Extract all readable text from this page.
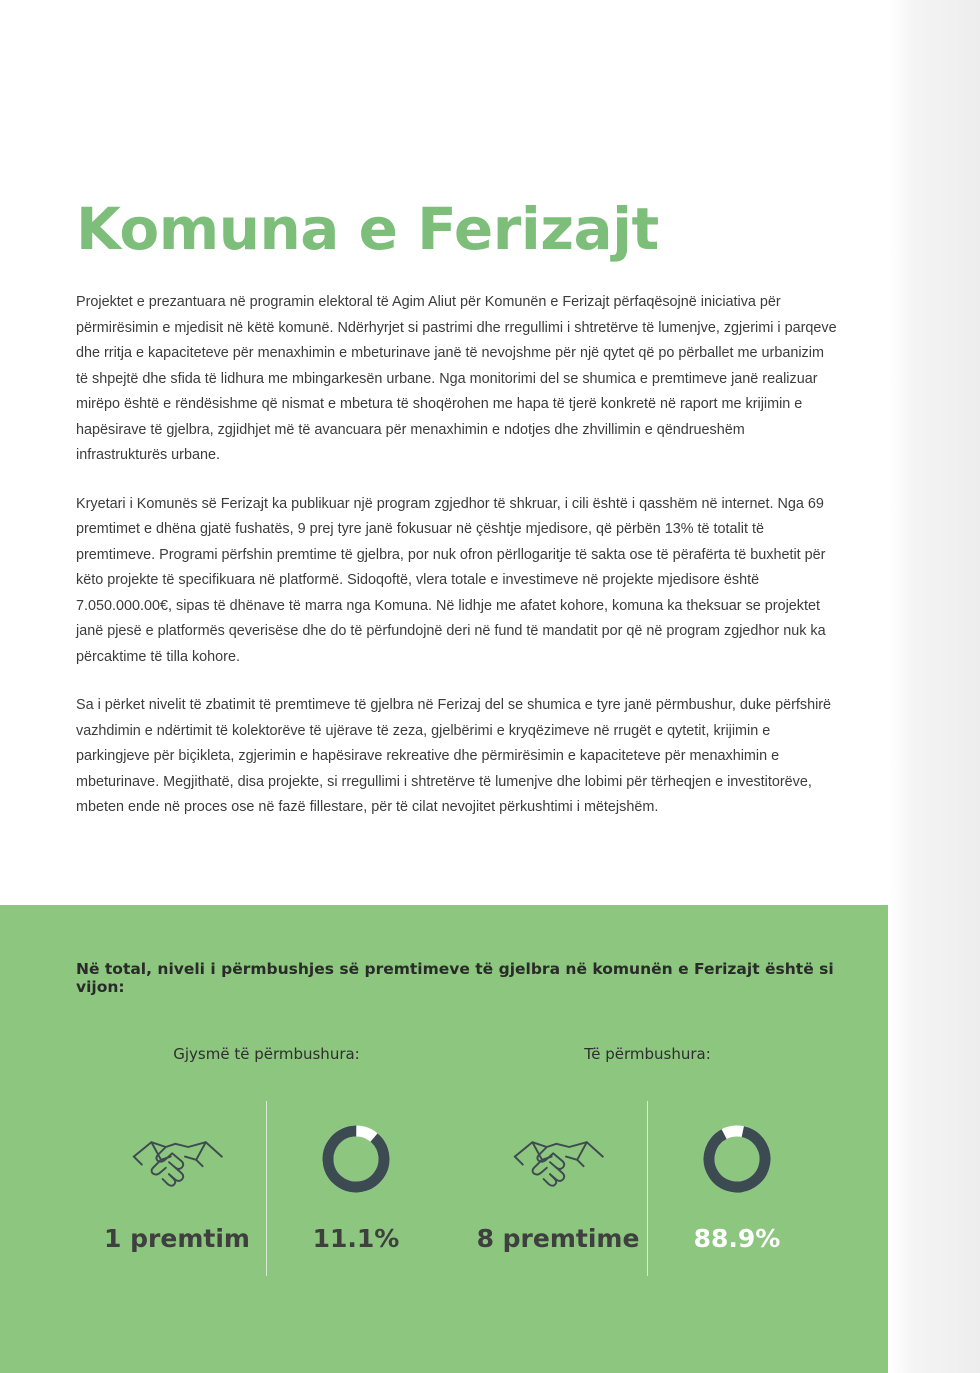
Komuna e Ferizajt

Projektet e prezantuara në programin elektoral të Agim Aliut për Komunën e Ferizajt përfaqësojnë iniciativa për përmirësimin e mjedisit në këtë komunë. Ndërhyrjet si pastrimi dhe rregullimi i shtretërve të lumenjve, zgjerimi i parqeve dhe rritja e kapaciteteve për menaxhimin e mbeturinave janë të nevojshme për një qytet që po përballet me urbanizim të shpejtë dhe sfida të lidhura me mbingarkesën urbane. Nga monitorimi del se shumica e premtimeve janë realizuar mirëpo është e rëndësishme që nismat e mbetura të shoqërohen me hapa të tjerë konkretë në raport me krijimin e hapësirave të gjelbra, zgjidhjet më të avancuara për menaxhimin e ndotjes dhe zhvillimin e qëndrueshëm infrastrukturës urbane.

Kryetari i Komunës së Ferizajt ka publikuar një program zgjedhor të shkruar, i cili është i qasshëm në internet. Nga 69 premtimet e dhëna gjatë fushatës, 9 prej tyre janë fokusuar në çështje mjedisore, që përbën 13% të totalit të premtimeve. Programi përfshin premtime të gjelbra, por nuk ofron përllogaritje të sakta ose të përafërta të buxhetit për këto projekte të specifikuara në platformë. Sidoqoftë, vlera totale e investimeve në projekte mjedisore është 7.050.000.00€, sipas të dhënave të marra nga Komuna. Në lidhje me afatet kohore, komuna ka theksuar se projektet janë pjesë e platformës qeverisëse dhe do të përfundojnë deri në fund të mandatit por që në program zgjedhor nuk ka përcaktime të tilla kohore.

Sa i përket nivelit të zbatimit të premtimeve të gjelbra në Ferizaj del se shumica e tyre janë përmbushur, duke përfshirë vazhdimin e ndërtimit të kolektorëve të ujërave të zeza, gjelbërimi e kryqëzimeve në rrugët e qytetit, krijimin e parkingjeve për biçikleta, zgjerimin e hapësirave rekreative dhe përmirësimin e kapaciteteve për menaxhimin e mbeturinave. Megjithatë, disa projekte, si rregullimi i shtretërve të lumenjve dhe lobimi për tërheqjen e investitorëve, mbeten ende në proces ose në fazë fillestare, për të cilat nevojitet përkushtimi i mëtejshëm.

Në total, niveli i përmbushjes së premtimeve të gjelbra në komunën e Ferizajt është si vijon:
Gjysmë të përmbushura:
1 premtim	11.1%
Të përmbushura:
8 premtime 88.9%
